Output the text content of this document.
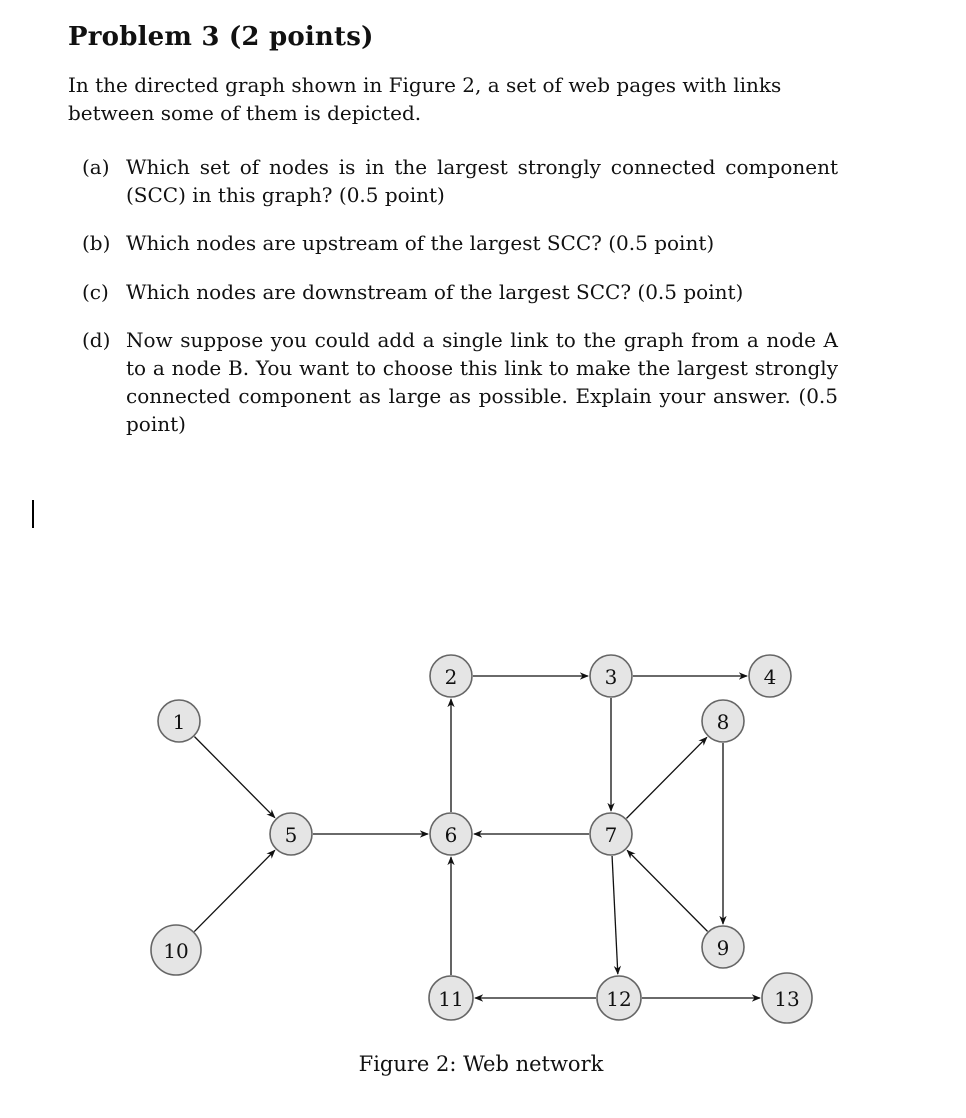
Problem 3 (2 points)
In the directed graph shown in Figure 2, a set of web pages with links between some of them is depicted.
(a) Which set of nodes is in the largest strongly connected component (SCC) in this graph? (0.5 point)
(b) Which nodes are upstream of the largest SCC? (0.5 point)
(c) Which nodes are downstream of the largest SCC? (0.5 point)
(d) Now suppose you could add a single link to the graph from a node A to a node B. You want to choose this link to make the largest strongly connected component as large as possible. Explain your answer. (0.5 point)
1
2	3	4
5	6	7
8
9
10
11	12	13
Figure 2: Web network
